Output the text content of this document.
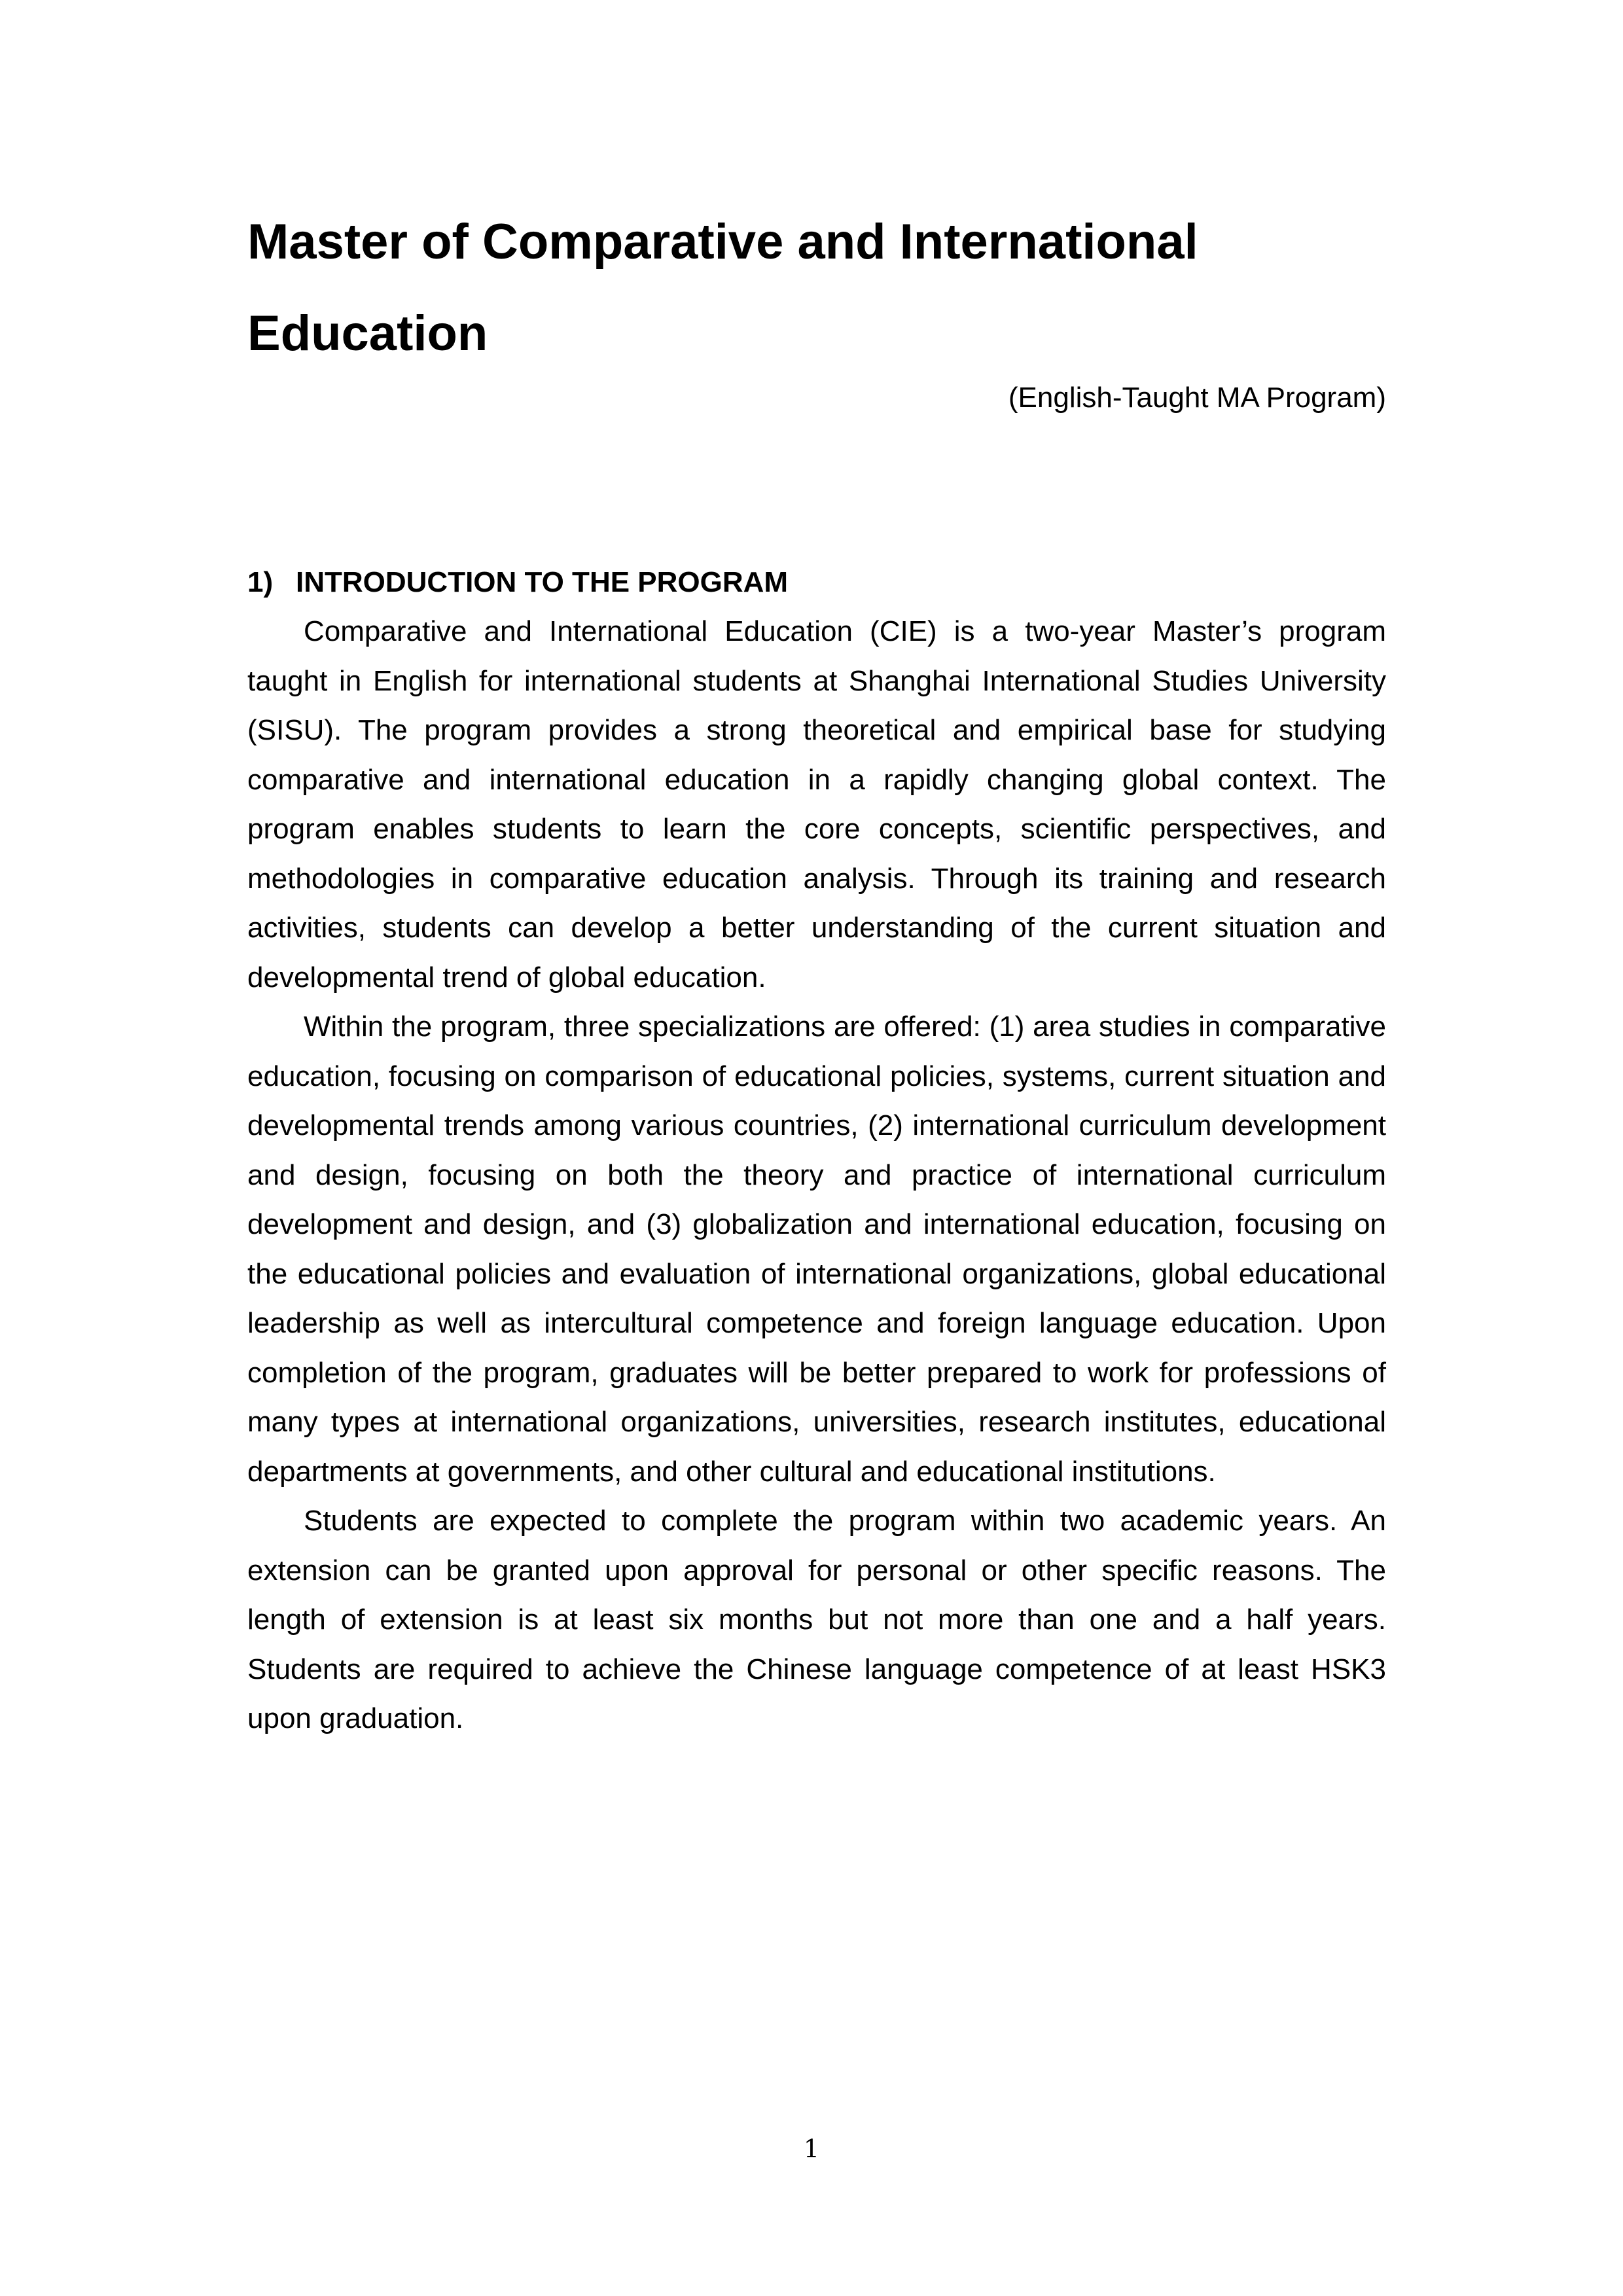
Master of Comparative and International Education
(English-Taught MA Program)
1) INTRODUCTION TO THE PROGRAM

Comparative and International Education (CIE) is a two-year Master’s program taught in English for international students at Shanghai International Studies University (SISU). The program provides a strong theoretical and empirical base for studying comparative and international education in a rapidly changing global context. The program enables students to learn the core concepts, scientific perspectives, and methodologies in comparative education analysis. Through its training and research activities, students can develop a better understanding of the current situation and developmental trend of global education.

Within the program, three specializations are offered: (1) area studies in comparative education, focusing on comparison of educational policies, systems, current situation and developmental trends among various countries, (2) international curriculum development and design, focusing on both the theory and practice of international curriculum development and design, and (3) globalization and international education, focusing on the educational policies and evaluation of international organizations, global educational leadership as well as intercultural competence and foreign language education. Upon completion of the program, graduates will be better prepared to work for professions of many types at international organizations, universities, research institutes, educational departments at governments, and other cultural and educational institutions.

Students are expected to complete the program within two academic years. An extension can be granted upon approval for personal or other specific reasons. The length of extension is at least six months but not more than one and a half years. Students are required to achieve the Chinese language competence of at least HSK3 upon graduation.

1
